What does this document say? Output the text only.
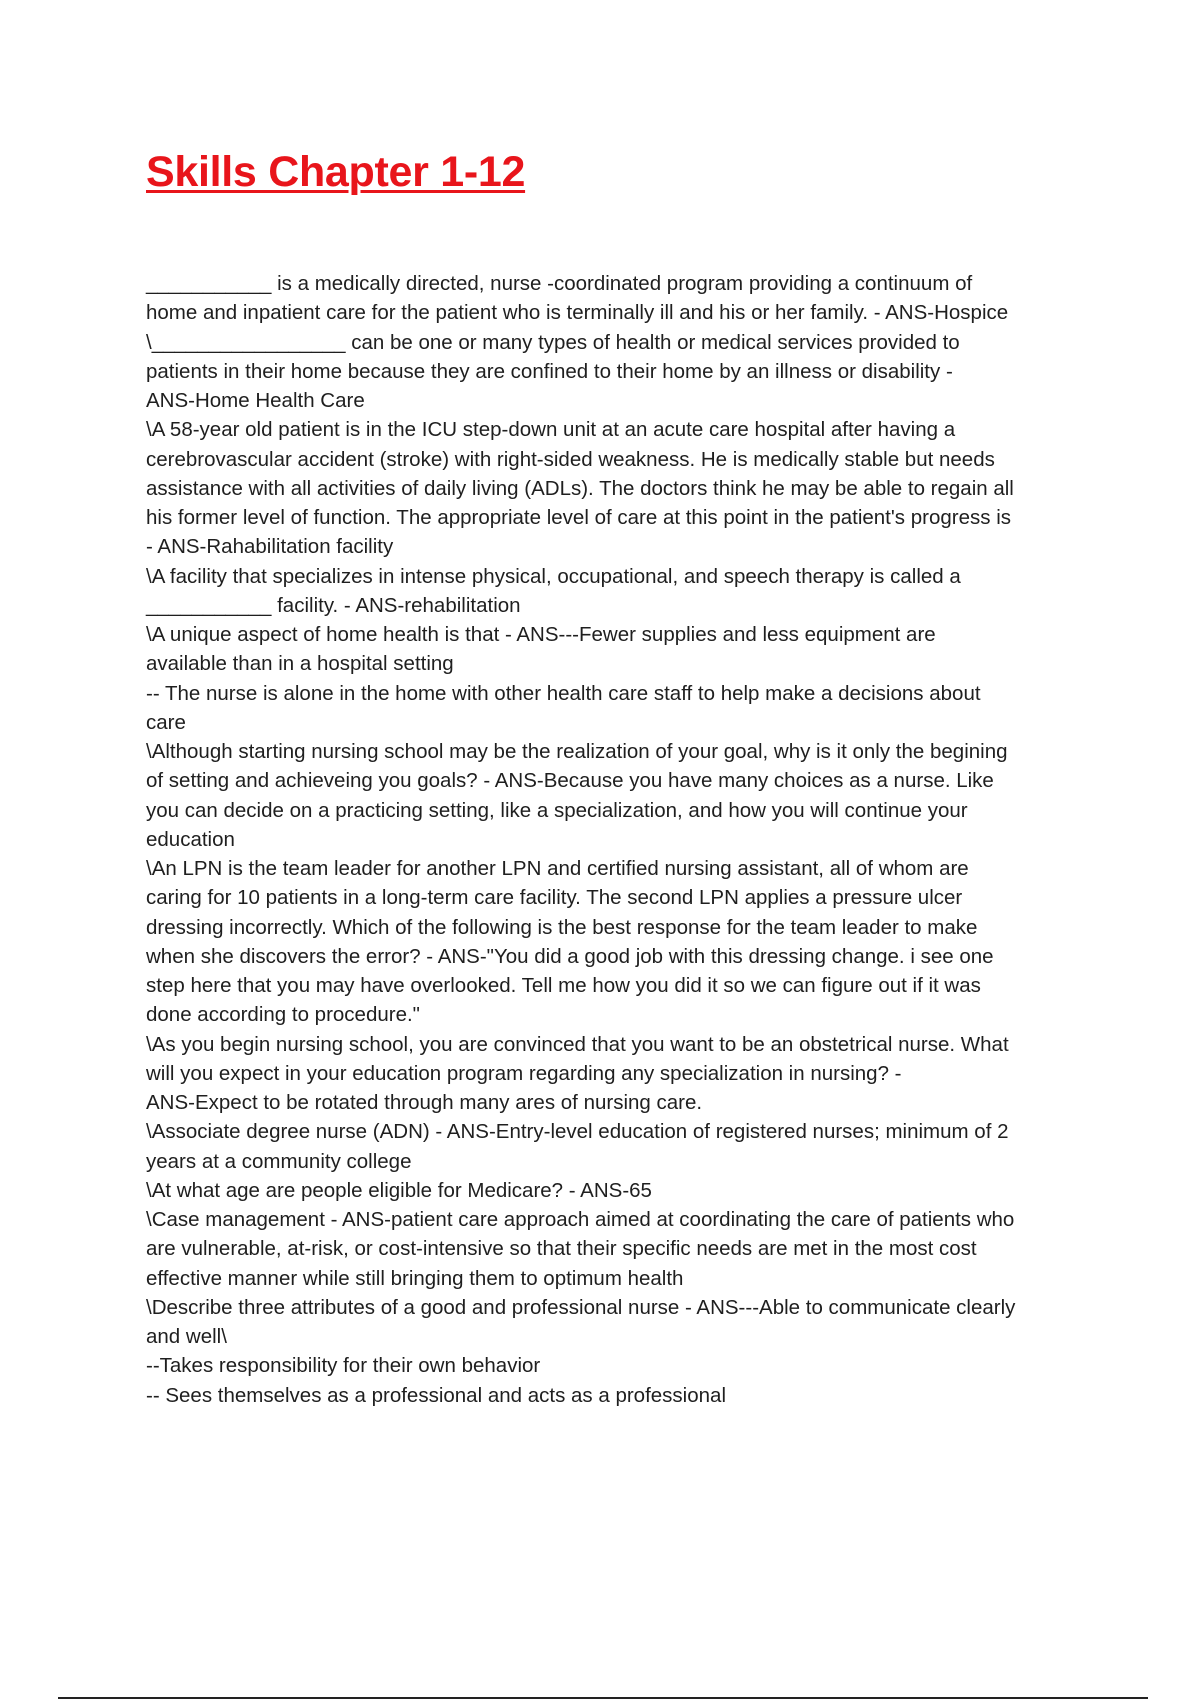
Skills Chapter 1-12
___________ is a medically directed, nurse -coordinated program providing a continuum of
home and inpatient care for the patient who is terminally ill and his or her family. - ANS-Hospice
\_________________ can be one or many types of health or medical services provided to
patients in their home because they are confined to their home by an illness or disability -
ANS-Home Health Care
\A 58-year old patient is in the ICU step-down unit at an acute care hospital after having a
cerebrovascular accident (stroke) with right-sided weakness. He is medically stable but needs
assistance with all activities of daily living (ADLs). The doctors think he may be able to regain all
his former level of function. The appropriate level of care at this point in the patient's progress is
- ANS-Rahabilitation facility
\A facility that specializes in intense physical, occupational, and speech therapy is called a
___________ facility. - ANS-rehabilitation
\A unique aspect of home health is that - ANS---Fewer supplies and less equipment are
available than in a hospital setting
-- The nurse is alone in the home with other health care staff to help make a decisions about
care
\Although starting nursing school may be the realization of your goal, why is it only the begining
of setting and achieveing you goals? - ANS-Because you have many choices as a nurse. Like
you can decide on a practicing setting, like a specialization, and how you will continue your
education
\An LPN is the team leader for another LPN and certified nursing assistant, all of whom are
caring for 10 patients in a long-term care facility. The second LPN applies a pressure ulcer
dressing incorrectly. Which of the following is the best response for the team leader to make
when she discovers the error? - ANS-"You did a good job with this dressing change. i see one
step here that you may have overlooked. Tell me how you did it so we can figure out if it was
done according to procedure."
\As you begin nursing school, you are convinced that you want to be an obstetrical nurse. What
will you expect in your education program regarding any specialization in nursing? -
ANS-Expect to be rotated through many ares of nursing care.
\Associate degree nurse (ADN) - ANS-Entry-level education of registered nurses; minimum of 2
years at a community college
\At what age are people eligible for Medicare? - ANS-65
\Case management - ANS-patient care approach aimed at coordinating the care of patients who
are vulnerable, at-risk, or cost-intensive so that their specific needs are met in the most cost
effective manner while still bringing them to optimum health
\Describe three attributes of a good and professional nurse - ANS---Able to communicate clearly
and well\
--Takes responsibility for their own behavior
-- Sees themselves as a professional and acts as a professional
